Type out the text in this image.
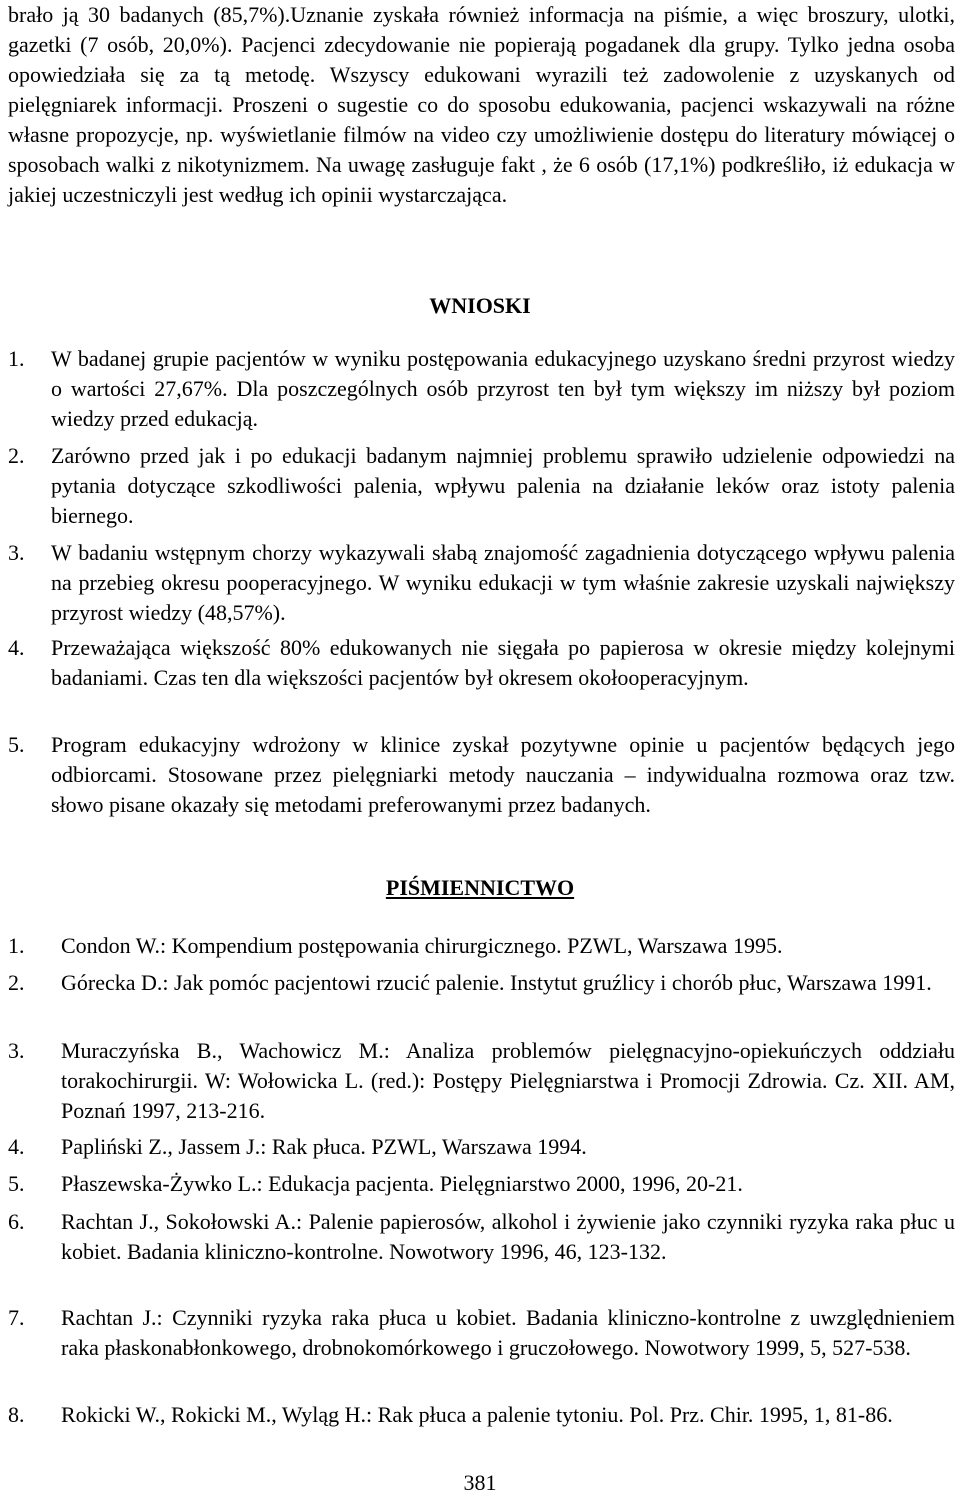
brało ją 30 badanych (85,7%).Uznanie zyskała również informacja na piśmie, a więc broszury, ulotki, gazetki (7 osób, 20,0%). Pacjenci zdecydowanie nie popierają pogadanek dla grupy. Tylko jedna osoba opowiedziała się za tą metodę. Wszyscy edukowani wyrazili też zadowolenie z uzyskanych od pielęgniarek informacji. Proszeni o sugestie co do sposobu edukowania, pacjenci wskazywali na różne własne propozycje, np. wyświetlanie filmów na video czy umożliwienie dostępu do literatury mówiącej o sposobach walki z nikotynizmem. Na uwagę zasługuje fakt , że 6 osób (17,1%) podkreśliło, iż edukacja w jakiej uczestniczyli jest według ich opinii wystarczająca.

WNIOSKI
1. W badanej grupie pacjentów w wyniku postępowania edukacyjnego uzyskano średni przyrost wiedzy o wartości 27,67%. Dla poszczególnych osób przyrost ten był tym większy im niższy był poziom wiedzy przed edukacją.
2. Zarówno przed jak i po edukacji badanym najmniej problemu sprawiło udzielenie odpowiedzi na pytania dotyczące szkodliwości palenia, wpływu palenia na działanie leków oraz istoty palenia biernego.
3. W badaniu wstępnym chorzy wykazywali słabą znajomość zagadnienia dotyczącego wpływu palenia na przebieg okresu pooperacyjnego. W wyniku edukacji w tym właśnie zakresie uzyskali największy przyrost wiedzy (48,57%).
4. Przeważająca większość 80% edukowanych nie sięgała po papierosa w okresie między kolejnymi badaniami. Czas ten dla większości pacjentów był okresem okołooperacyjnym.
5. Program edukacyjny wdrożony w klinice zyskał pozytywne opinie u pacjentów będących jego odbiorcami. Stosowane przez pielęgniarki metody nauczania – indywidualna rozmowa oraz tzw. słowo pisane okazały się metodami preferowanymi przez badanych.
PIŚMIENNICTWO
1. Condon W.: Kompendium postępowania chirurgicznego. PZWL, Warszawa 1995.
2. Górecka D.: Jak pomóc pacjentowi rzucić palenie. Instytut gruźlicy i chorób płuc, Warszawa 1991.
3. Muraczyńska B., Wachowicz M.: Analiza problemów pielęgnacyjno-opiekuńczych oddziału torakochirurgii. W: Wołowicka L. (red.): Postępy Pielęgniarstwa i Promocji Zdrowia. Cz. XII. AM, Poznań 1997, 213-216.
4. Papliński Z., Jassem J.: Rak płuca. PZWL, Warszawa 1994.
5. Płaszewska-Żywko L.: Edukacja pacjenta. Pielęgniarstwo 2000, 1996, 20-21.
6. Rachtan J., Sokołowski A.: Palenie papierosów, alkohol i żywienie jako czynniki ryzyka raka płuc u kobiet. Badania kliniczno-kontrolne. Nowotwory 1996, 46, 123-132.
7. Rachtan J.: Czynniki ryzyka raka płuca u kobiet. Badania kliniczno-kontrolne z uwzględnieniem raka płaskonabłonkowego, drobnokomórkowego i gruczołowego. Nowotwory 1999, 5, 527-538.
8. Rokicki W., Rokicki M., Wyląg H.: Rak płuca a palenie tytoniu. Pol. Prz. Chir. 1995, 1, 81-86.
381
